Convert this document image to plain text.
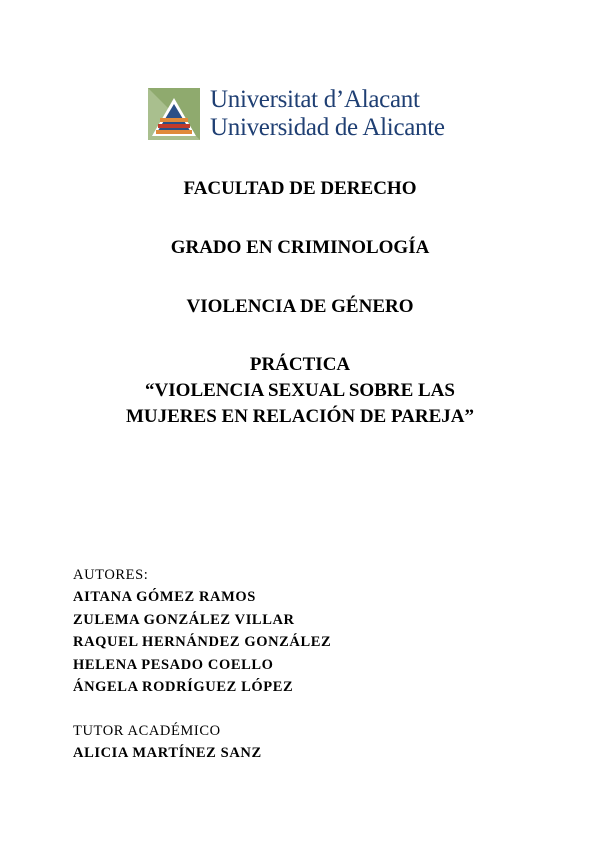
Universitat d’Alacant
Universidad de Alicante
FACULTAD DE DERECHO
GRADO EN CRIMINOLOGÍA
VIOLENCIA DE GÉNERO
PRÁCTICA
“VIOLENCIA SEXUAL SOBRE LAS
MUJERES EN RELACIÓN DE PAREJA”
AUTORES:
AITANA GÓMEZ RAMOS
ZULEMA GONZÁLEZ VILLAR
RAQUEL HERNÁNDEZ GONZÁLEZ
HELENA PESADO COELLO
ÁNGELA RODRÍGUEZ LÓPEZ
TUTOR ACADÉMICO
ALICIA MARTÍNEZ SANZ
